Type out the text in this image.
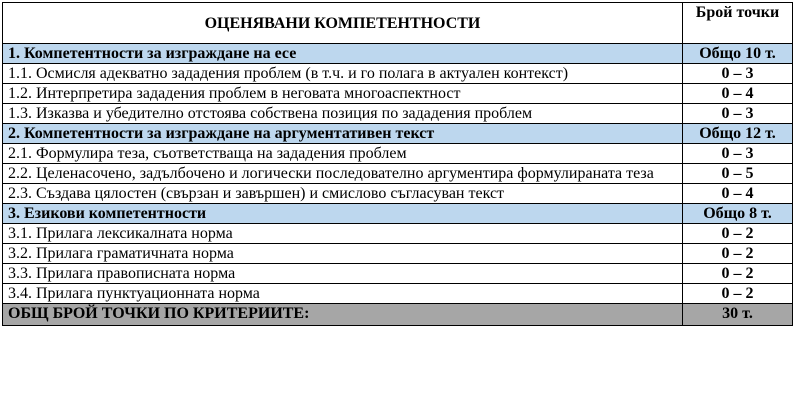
ОЦЕНЯВАНИ КОМПЕТЕНТНОСТИ	Брой точки
1. Компетентности за изграждане на есе	Общо 10 т.
1.1. Осмисля адекватно зададения проблем (в т.ч. и го полага в актуален контекст)	0 – 3
1.2. Интерпретира зададения проблем в неговата многоаспектност	0 – 4
1.3. Изказва и убедително отстоява собствена позиция по зададения проблем	0 – 3
2. Компетентности за изграждане на аргументативен текст	Общо 12 т.
2.1. Формулира теза, съответстваща на зададения проблем	0 – 3
2.2. Целенасочено, задълбочено и логически последователно аргументира формулираната теза	0 – 5
2.3. Създава цялостен (свързан и завършен) и смислово съгласуван текст	0 – 4
3. Езикови компетентности	Общо 8 т.
3.1. Прилага лексикалната норма	0 – 2
3.2. Прилага граматичната норма	0 – 2
3.3. Прилага правописната норма	0 – 2
3.4. Прилага пунктуационната норма	0 – 2
ОБЩ БРОЙ ТОЧКИ ПО КРИТЕРИИТЕ:	30 т.
